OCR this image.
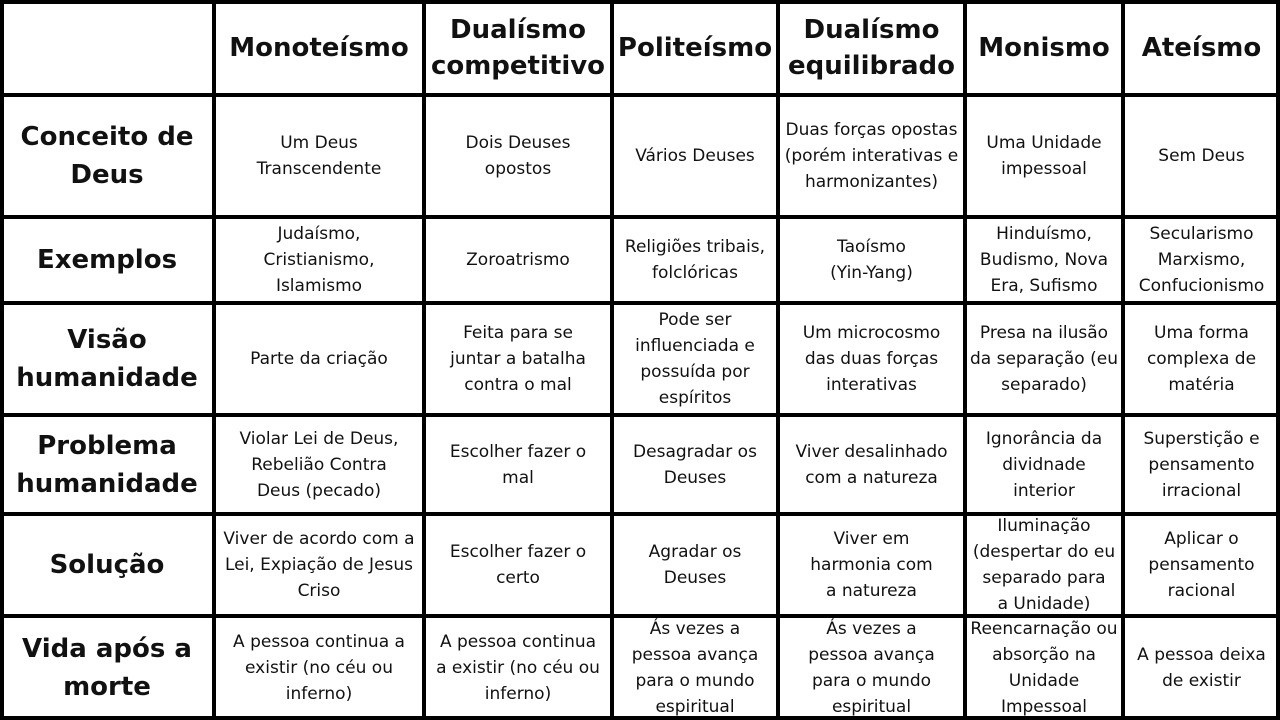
Monoteísmo
Dualísmo
competitivo
Politeísmo
Dualísmo
equilibrado
Monismo	Ateísmo
Conceito de
Deus
Um Deus
Transcendente
Dois Deuses
opostos
Vários Deuses
Duas forças opostas
(porém interativas e
harmonizantes)
Uma Unidade
impessoal
Sem Deus
Exemplos
Judaísmo,
Cristianismo,
Islamismo
Zoroatrismo
Religiões tribais,
folclóricas
Taoísmo
(Yin-Yang)
Hinduísmo,
Budismo, Nova
Era, Sufismo
Secularismo
Marxismo,
Confucionismo
Visão
humanidade
Parte da criação
Feita para se
juntar a batalha
contra o mal
Pode ser
influenciada e
possuída por
espíritos
Um microcosmo
das duas forças
interativas
Presa na ilusão
da separação (eu
separado)
Uma forma
complexa de
matéria
Problema
humanidade
Violar Lei de Deus,
Rebelião Contra
Deus (pecado)
Escolher fazer o
mal
Desagradar os
Deuses
Viver desalinhado
com a natureza
Ignorância da
dividnade
interior
Superstição e
pensamento
irracional
Solução
Viver de acordo com a
Lei, Expiação de Jesus
Criso
Escolher fazer o
certo
Agradar os
Deuses
Viver em
harmonia com
a natureza
Iluminação
(despertar do eu
separado para
a Unidade)
Aplicar o
pensamento
racional
Vida após a
morte
A pessoa continua a
existir (no céu ou
inferno)
A pessoa continua
a existir (no céu ou
inferno)
Ás vezes a
pessoa avança
para o mundo
espiritual
Ás vezes a
pessoa avança
para o mundo
espiritual
Reencarnação ou
absorção na
Unidade
Impessoal
A pessoa deixa
de existir
